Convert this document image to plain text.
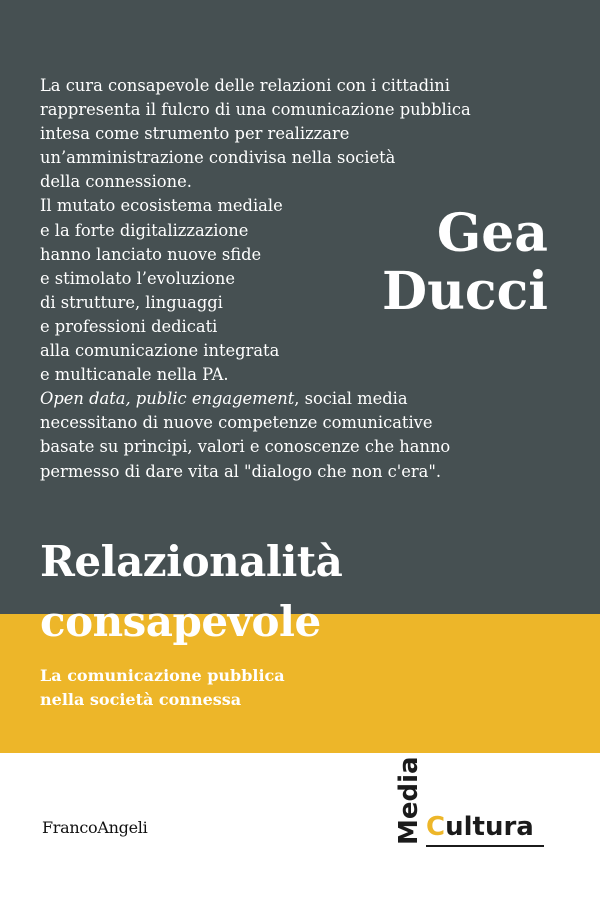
La cura consapevole delle relazioni con i cittadini
rappresenta il fulcro di una comunicazione pubblica
intesa come strumento per realizzare
un’amministrazione condivisa nella società
della connessione.
Il mutato ecosistema mediale
e la forte digitalizzazione
hanno lanciato nuove sfide
e stimolato l’evoluzione
di strutture, linguaggi
e professioni dedicati
alla comunicazione integrata
e multicanale nella PA.
Open data, public engagement, social media
necessitano di nuove competenze comunicative
basate su principi, valori e conoscenze che hanno
permesso di dare vita al "dialogo che non c'era".
Gea
Ducci
Relazionalità
consapevole
La comunicazione pubblica
nella società connessa
FrancoAngeli	Media Cultura
